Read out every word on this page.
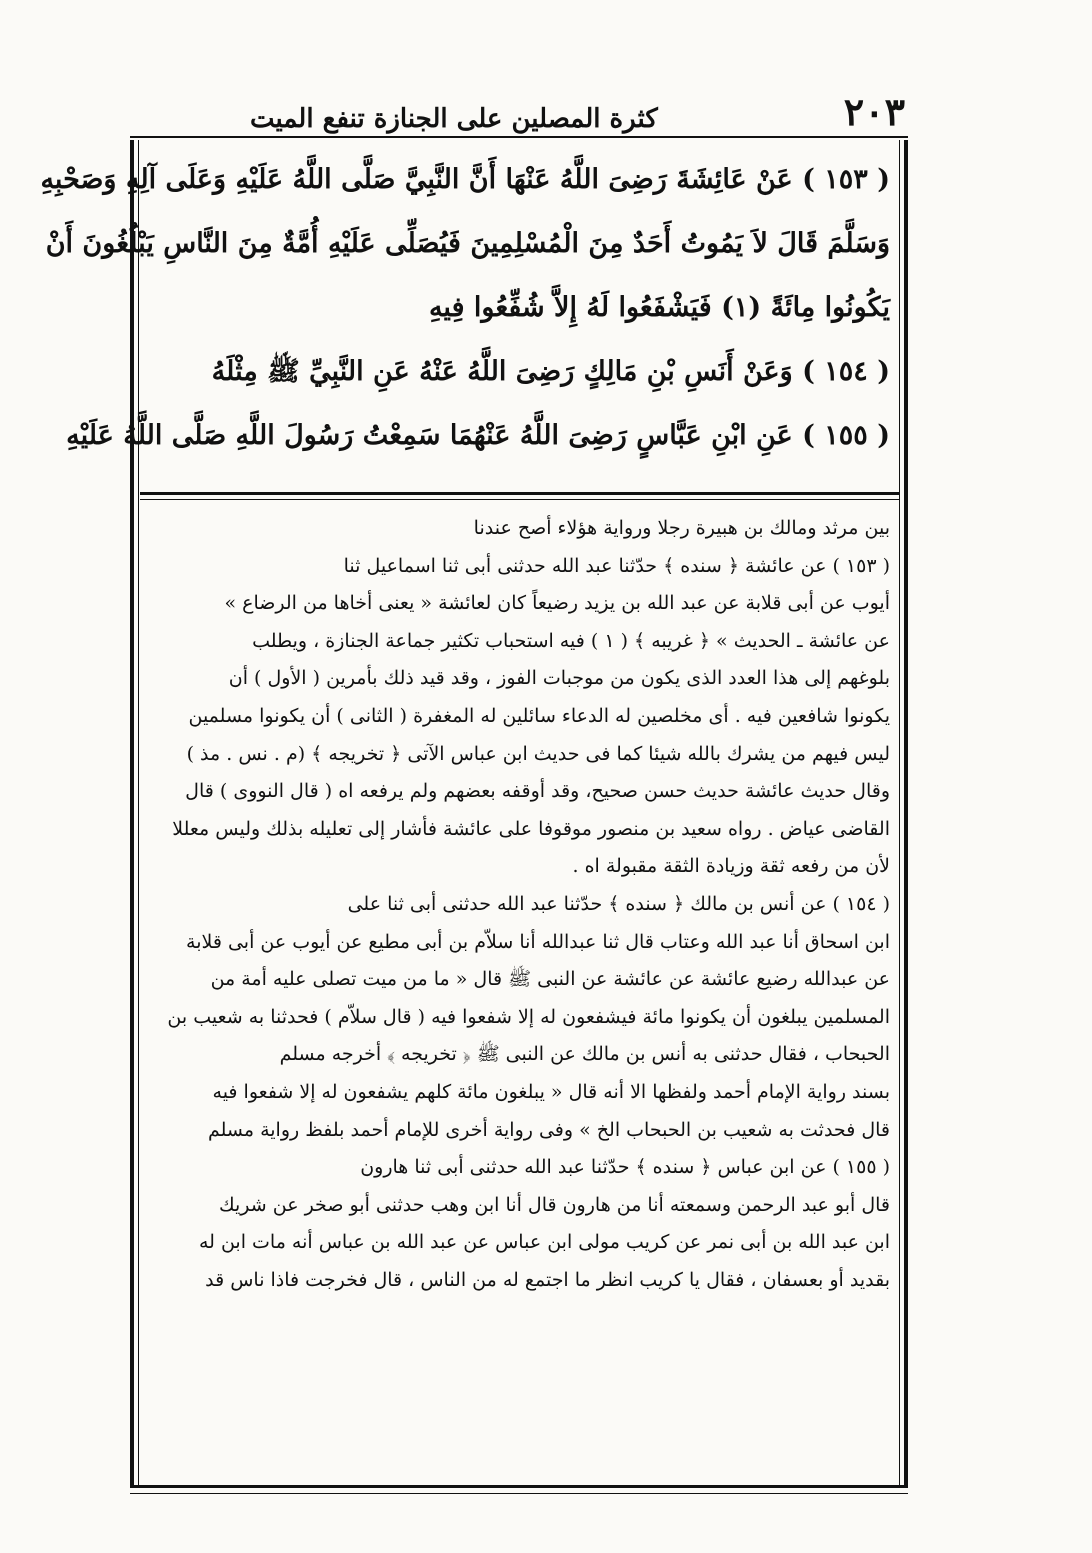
٢٠٣
كثرة المصلين على الجنازة تنفع الميت
( ١٥٣ ) عَنْ عَائِشَةَ رَضِىَ اللَّهُ عَنْهَا أَنَّ النَّبِيَّ صَلَّى اللَّهُ عَلَيْهِ وَعَلَى آلِهِ وَصَحْبِهِ
وَسَلَّمَ قَالَ لاَ يَمُوتُ أَحَدٌ مِنَ الْمُسْلِمِينَ فَيُصَلِّى عَلَيْهِ أُمَّةٌ مِنَ النَّاسِ يَبْلُغُونَ أَنْ
يَكُونُوا مِائَةً (١) فَيَشْفَعُوا لَهُ إِلاَّ شُفِّعُوا فِيهِ
( ١٥٤ ) وَعَنْ أَنَسِ بْنِ مَالِكٍ رَضِىَ اللَّهُ عَنْهُ عَنِ النَّبِيِّ ﷺ مِثْلَهُ
( ١٥٥ ) عَنِ ابْنِ عَبَّاسٍ رَضِىَ اللَّهُ عَنْهُمَا سَمِعْتُ رَسُولَ اللَّهِ صَلَّى اللَّهُ عَلَيْهِ
بين مرثد ومالك بن هبيرة رجلا ورواية هؤلاء أصح عندنا
( ١٥٣ ) عن عائشة ﴿ سنده ﴾ حدّثنا عبد الله حدثنى أبى ثنا اسماعيل ثنا
أيوب عن أبى قلابة عن عبد الله بن يزيد رضيعاً كان لعائشة « يعنى أخاها من الرضاع »
عن عائشة ـ الحديث » ﴿ غريبه ﴾ ( ١ ) فيه استحباب تكثير جماعة الجنازة ، ويطلب
بلوغهم إلى هذا العدد الذى يكون من موجبات الفوز ، وقد قيد ذلك بأمرين ( الأول ) أن
يكونوا شافعين فيه . أى مخلصين له الدعاء سائلين له المغفرة ( الثانى ) أن يكونوا مسلمين
ليس فيهم من يشرك بالله شيئا كما فى حديث ابن عباس الآتى ﴿ تخريجه ﴾ (م . نس . مذ )
وقال حديث عائشة حديث حسن صحيح، وقد أوقفه بعضهم ولم يرفعه اه ( قال النووى ) قال
القاضى عياض . رواه سعيد بن منصور موقوفا على عائشة فأشار إلى تعليله بذلك وليس معللا
لأن من رفعه ثقة وزيادة الثقة مقبولة اه .
( ١٥٤ ) عن أنس بن مالك ﴿ سنده ﴾ حدّثنا عبد الله حدثنى أبى ثنا على
ابن اسحاق أنا عبد الله وعتاب قال ثنا عبدالله أنا سلاّم بن أبى مطيع عن أيوب عن أبى قلابة
عن عبدالله رضيع عائشة عن عائشة عن النبى ﷺ قال « ما من ميت تصلى عليه أمة من
المسلمين يبلغون أن يكونوا مائة فيشفعون له إلا شفعوا فيه ( قال سلاّم ) فحدثنا به شعيب بن
الحبحاب ، فقال حدثنى به أنس بن مالك عن النبى ﷺ ﴿ تخريجه ﴾ أخرجه مسلم
بسند رواية الإمام أحمد ولفظها الا أنه قال « يبلغون مائة كلهم يشفعون له إلا شفعوا فيه
قال فحدثت به شعيب بن الحبحاب الخ » وفى رواية أخرى للإمام أحمد بلفظ رواية مسلم
( ١٥٥ ) عن ابن عباس ﴿ سنده ﴾ حدّثنا عبد الله حدثنى أبى ثنا هارون
قال أبو عبد الرحمن وسمعته أنا من هارون قال أنا ابن وهب حدثنى أبو صخر عن شريك
ابن عبد الله بن أبى نمر عن كريب مولى ابن عباس عن عبد الله بن عباس أنه مات ابن له
بقديد أو بعسفان ، فقال يا كريب انظر ما اجتمع له من الناس ، قال فخرجت فاذا ناس قد
